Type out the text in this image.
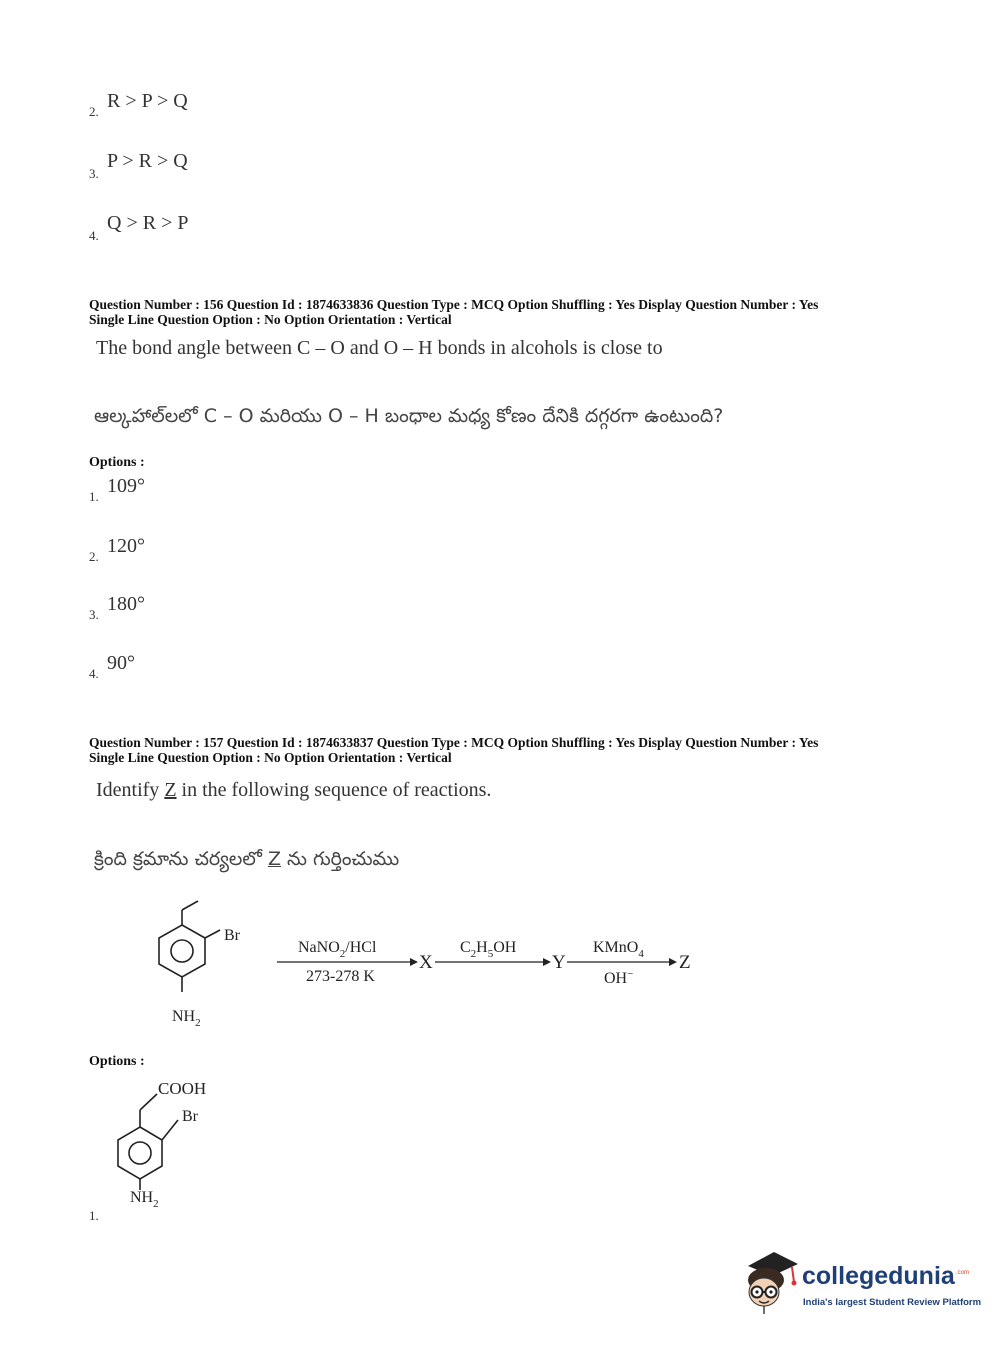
2. R > P > Q
3.
P > R > Q
4.
Q > R > P
Question Number : 156 Question Id : 1874633836 Question Type : MCQ Option Shuffling : Yes Display Question Number : Yes
Single Line Question Option : No Option Orientation : Vertical
The bond angle between C – O and O – H bonds in alcohols is close to
ఆల్కహాల్‌లలో C – O మరియు O – H బంధాల మధ్య కోణం దేనికి దగ్గరగా ఉంటుంది?
Options :
1. 109°
2. 120°
3. 180°
4. 90°
Question Number : 157 Question Id : 1874633837 Question Type : MCQ Option Shuffling : Yes Display Question Number : Yes
Single Line Question Option : No Option Orientation : Vertical
Identify Z in the following sequence of reactions.
క్రింది క్రమాను చర్యలలో Z ను గుర్తించుము
Br
$NH_2$
NaNO$_2$/HCl
273-278 K
X
$C_2H_5OH$
Y
KMnO$_4$
OH−
Z
Options :
COOH
Br
$NH_2$
1.
collegedunia .com
India's largest Student Review Platform
